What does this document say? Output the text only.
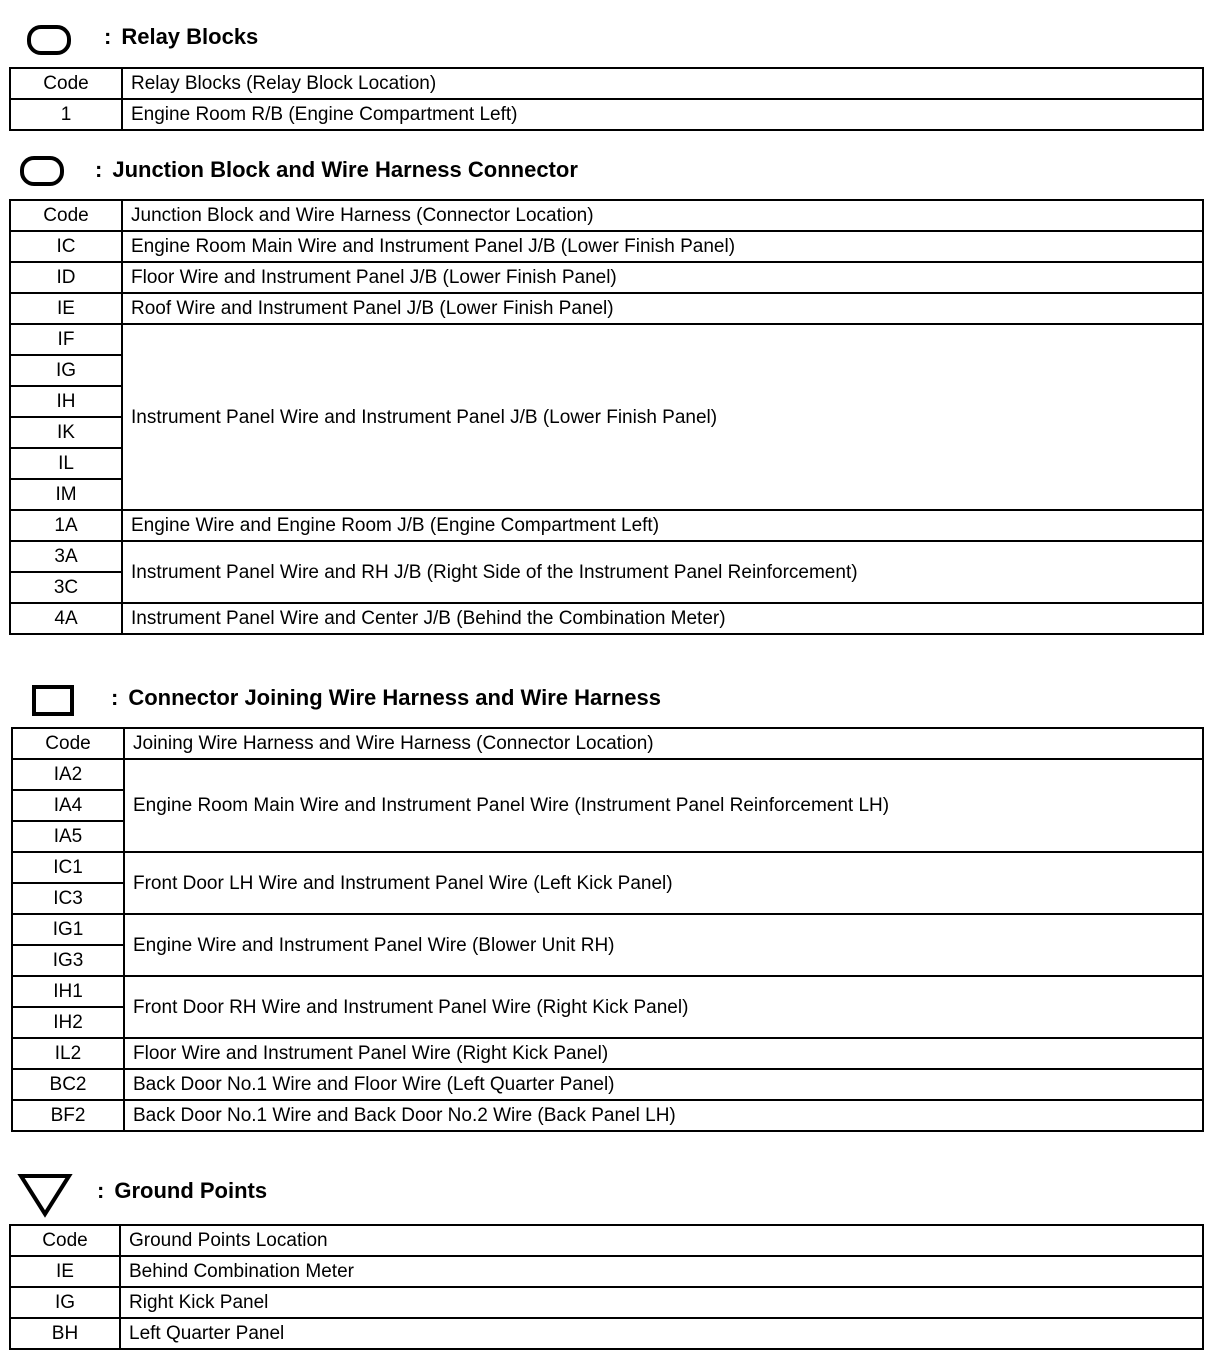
: Relay Blocks
Code	Relay Blocks (Relay Block Location)
1	Engine Room R/B (Engine Compartment Left)
: Junction Block and Wire Harness Connector
Code	Junction Block and Wire Harness (Connector Location)
IC	Engine Room Main Wire and Instrument Panel J/B (Lower Finish Panel)
ID	Floor Wire and Instrument Panel J/B (Lower Finish Panel)
IE	Roof Wire and Instrument Panel J/B (Lower Finish Panel)
IF	Instrument Panel Wire and Instrument Panel J/B (Lower Finish Panel)
IG	
IH	
IK	
IL	
IM	
1A	Engine Wire and Engine Room J/B (Engine Compartment Left)
3A	Instrument Panel Wire and RH J/B (Right Side of the Instrument Panel Reinforcement)
3C	
4A	Instrument Panel Wire and Center J/B (Behind the Combination Meter)
: Connector Joining Wire Harness and Wire Harness
Code	Joining Wire Harness and Wire Harness (Connector Location)
IA2	Engine Room Main Wire and Instrument Panel Wire (Instrument Panel Reinforcement LH)
IA4	
IA5	
IC1	Front Door LH Wire and Instrument Panel Wire (Left Kick Panel)
IC3	
IG1	Engine Wire and Instrument Panel Wire (Blower Unit RH)
IG3	
IH1	Front Door RH Wire and Instrument Panel Wire (Right Kick Panel)
IH2	
IL2	Floor Wire and Instrument Panel Wire (Right Kick Panel)
BC2	Back Door No.1 Wire and Floor Wire (Left Quarter Panel)
BF2	Back Door No.1 Wire and Back Door No.2 Wire (Back Panel LH)
: Ground Points
Code	Ground Points Location
IE	Behind Combination Meter
IG	Right Kick Panel
BH	Left Quarter Panel
